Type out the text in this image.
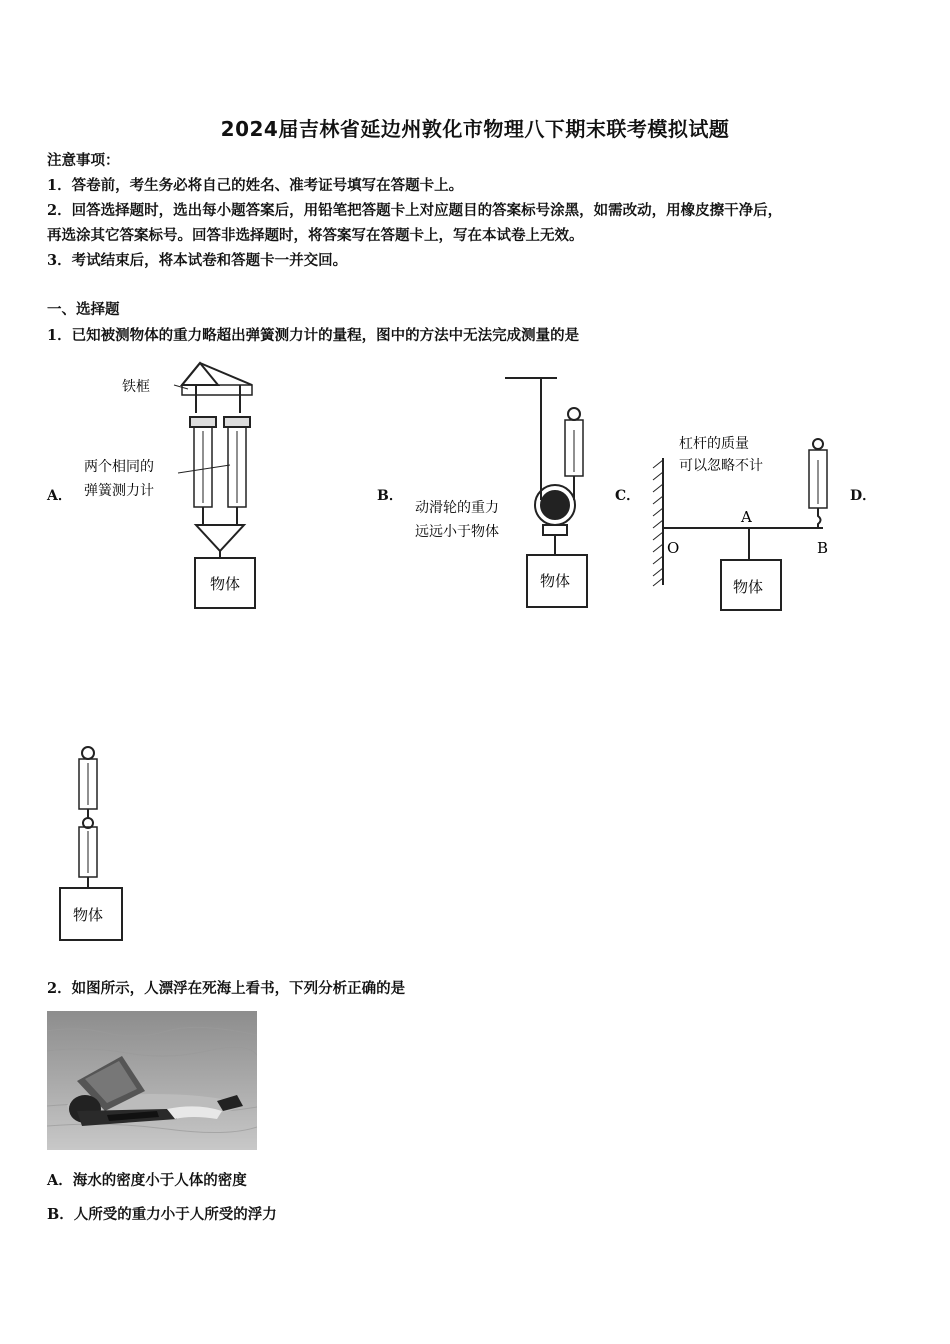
2024届吉林省延边州敦化市物理八下期末联考模拟试题
注意事项：
1．答卷前，考生务必将自己的姓名、准考证号填写在答题卡上。
2．回答选择题时，选出每小题答案后，用铅笔把答题卡上对应题目的答案标号涂黑，如需改动，用橡皮擦干净后，
再选涂其它答案标号。回答非选择题时，将答案写在答题卡上，写在本试卷上无效。
3．考试结束后，将本试卷和答题卡一并交回。
一、选择题
1．已知被测物体的重力略超出弹簧测力计的量程，图中的方法中无法完成测量的是
A．	B．	C．	D．
铁框
两个相同的
弹簧测力计
物体
动滑轮的重力
远远小于物体
物体
杠杆的质量
可以忽略不计
O
A
B
物体
物体
2．如图所示，人漂浮在死海上看书，下列分析正确的是
A．海水的密度小于人体的密度
B．人所受的重力小于人所受的浮力
